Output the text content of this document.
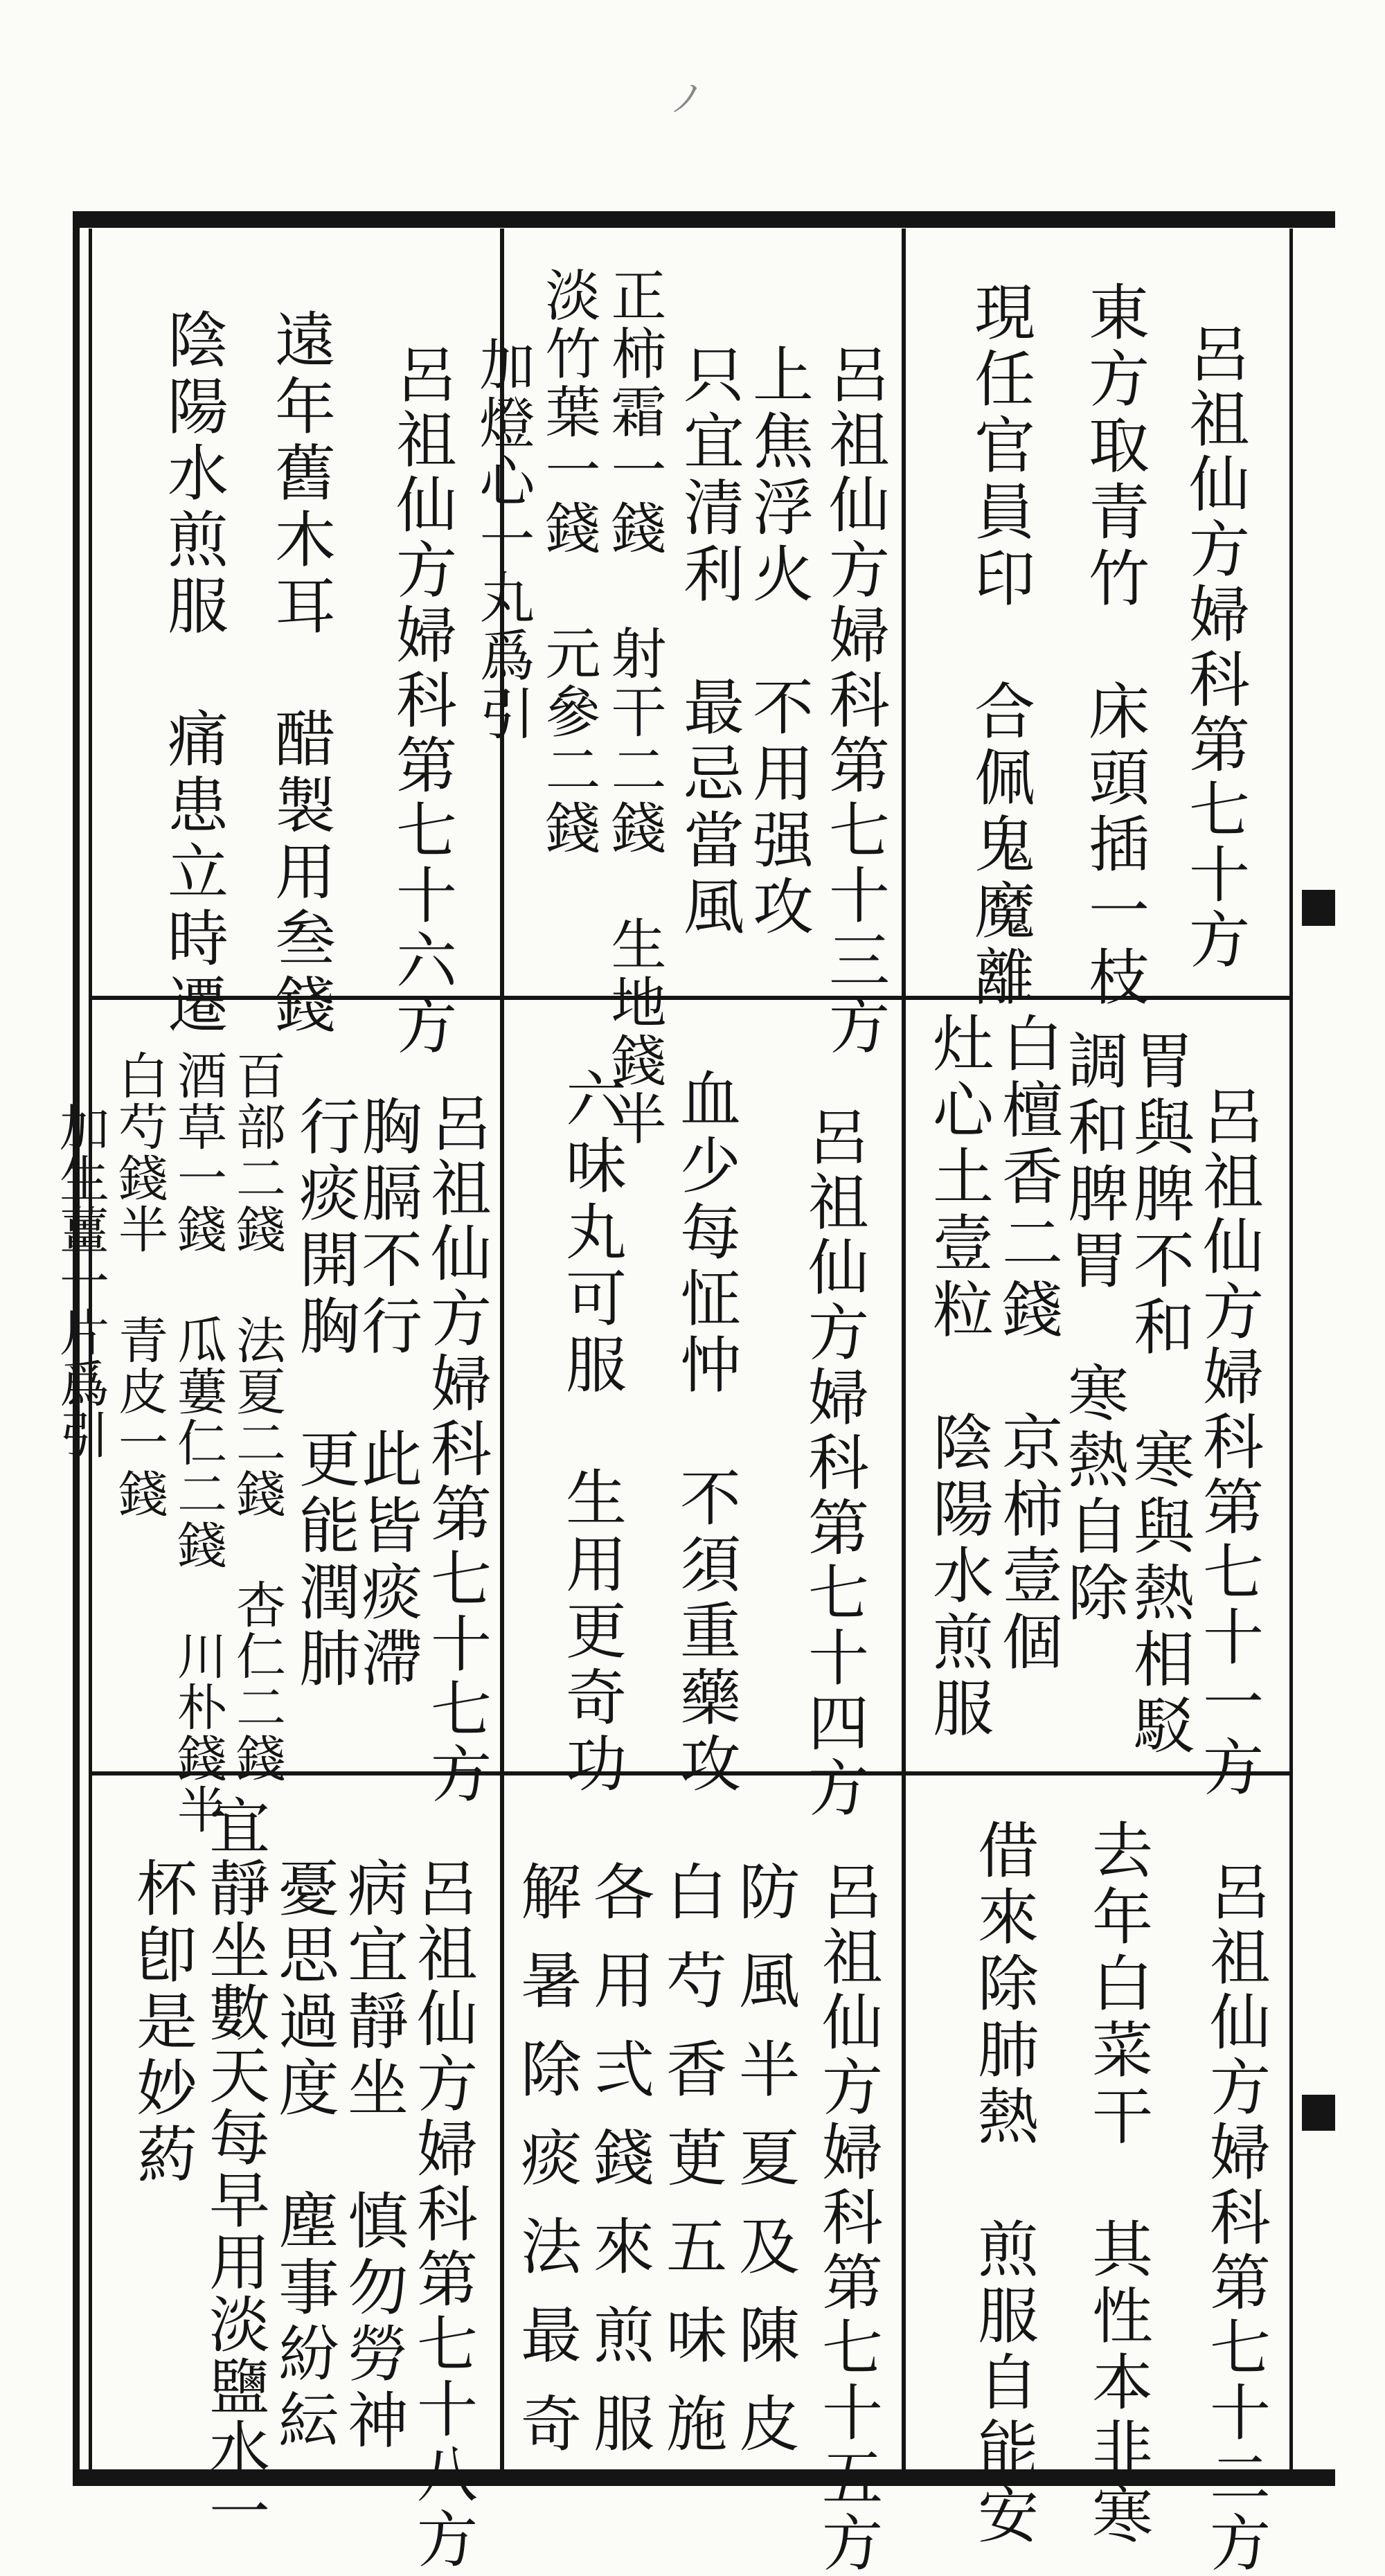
ノ
呂祖仙方婦科第七十方
東方取青竹　床頭插一枝
現任官員印　合佩鬼魔離
呂祖仙方婦科第七十三方
上焦浮火　不用强攻
只宜清利　最忌當風
正柿霜一錢 射干二錢　生地錢半
淡竹葉一錢 元參二錢
加燈心一丸爲引
呂祖仙方婦科第七十六方
遠年舊木耳　醋製用叁錢
陰陽水煎服　痛患立時遷
呂祖仙方婦科第七十一方
胃與脾不和　寒與熱相駁
調和脾胃　寒熱自除
白檀香二錢　京柿壹個
灶心土壹粒　陰陽水煎服
呂祖仙方婦科第七十四方
血少每怔忡　不須重藥攻
六味丸可服　生用更奇功
呂祖仙方婦科第七十七方
胸膈不行　此皆痰滯
行痰開胸　更能潤肺
百部二錢 法夏二錢 杏仁二錢
酒草一錢 瓜蔞仁二錢 川朴錢半
白芍錢半 青皮一錢
加生薑一片爲引
呂祖仙方婦科第七十二方
去年白菜干　其性本非寒
借來除肺熱　煎服自能安
呂祖仙方婦科第七十五方
防風半夏及陳皮
白芍香茰五味施
各用弍錢來煎服
解暑除痰法最奇
呂祖仙方婦科第七十八方
病宜靜坐　慎勿勞神
憂思過度　塵事紛紜
宜靜坐數天每早用淡鹽水一
杯卽是妙葯
